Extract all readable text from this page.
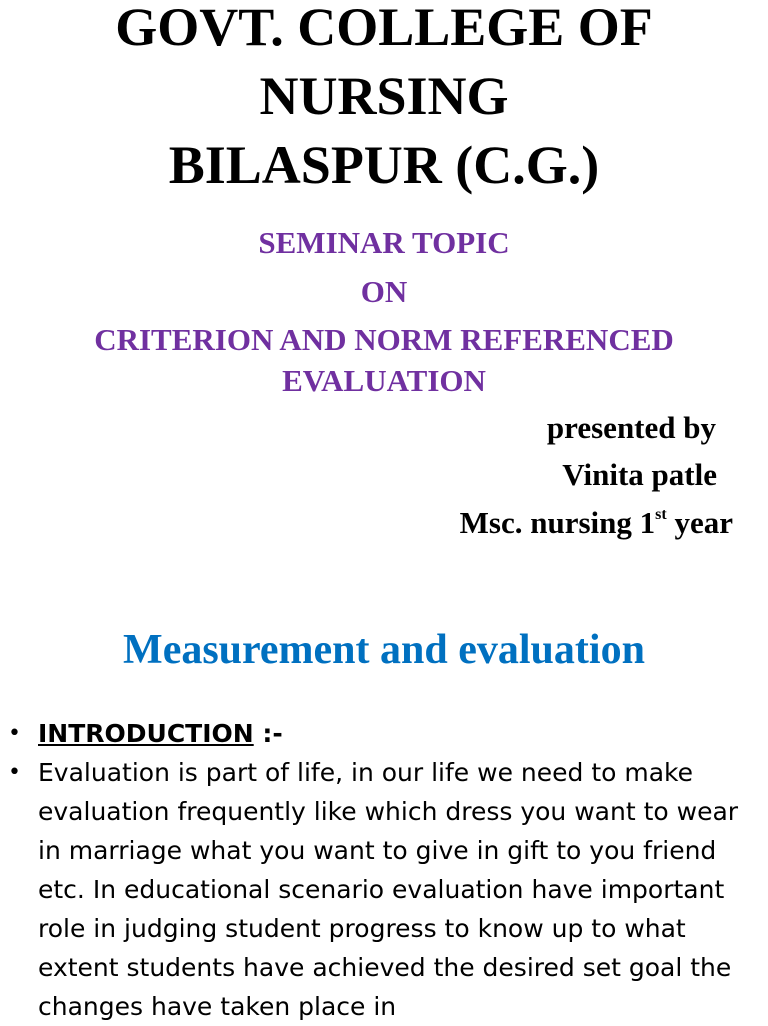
GOVT. COLLEGE OF
NURSING
BILASPUR (C.G.)

SEMINAR TOPIC

ON

CRITERION AND NORM REFERENCED EVALUATION

presented by

Vinita patle

Msc. nursing 1st year

Measurement and evaluation
• INTRODUCTION :-
• Evaluation is part of life, in our life we need to make evaluation frequently like which dress you want to wear in marriage what you want to give in gift to you friend etc. In educational scenario evaluation have important role in judging student progress to know up to what extent students have achieved the desired set goal the changes have taken place in
